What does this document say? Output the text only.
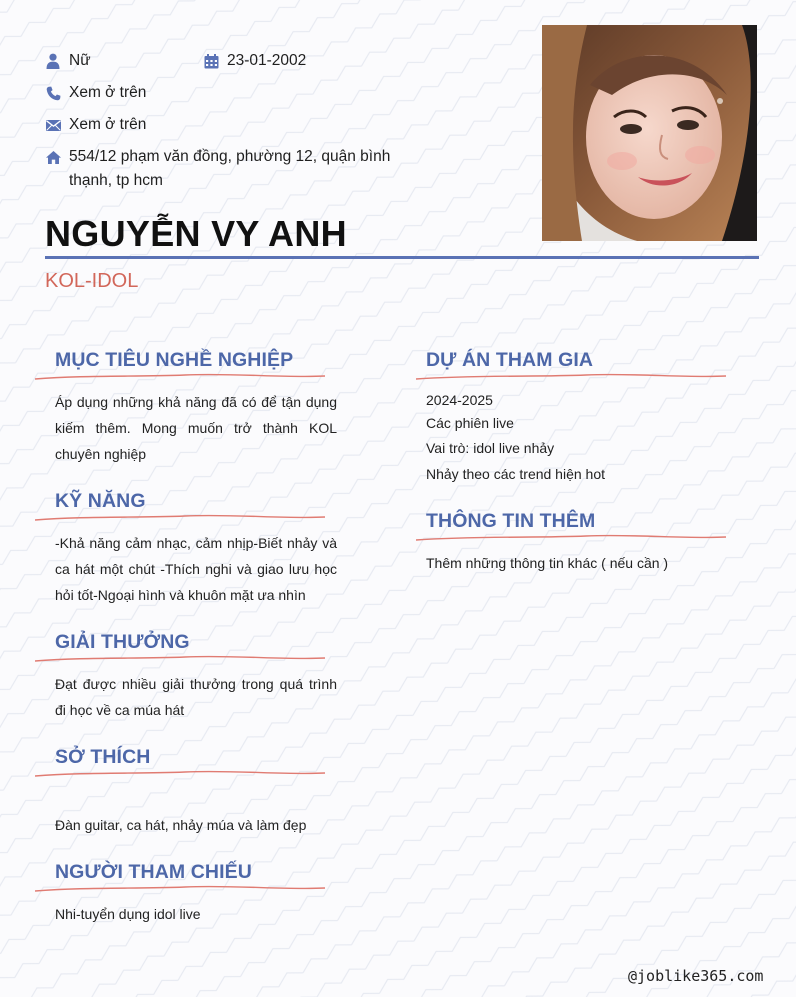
Nữ	23-01-2002
Xem ở trên
Xem ở trên
554/12 phạm văn đồng, phường 12, quận bình
thạnh, tp hcm
NGUYỄN VY ANH
KOL-IDOL
MỤC TIÊU NGHỀ NGHIỆP
Áp dụng những khả năng đã có để tận dụng kiếm thêm. Mong muốn trở thành KOL chuyên nghiệp
KỸ NĂNG
-Khả năng cảm nhạc, cảm nhịp-Biết nhảy và ca hát một chút -Thích nghi và giao lưu học hỏi tốt-Ngoại hình và khuôn mặt ưa nhìn
GIẢI THƯỞNG
Đạt được nhiều giải thưởng trong quá trình đi học về ca múa hát
SỞ THÍCH
Đàn guitar, ca hát, nhảy múa và làm đẹp
NGƯỜI THAM CHIẾU
Nhi-tuyển dụng idol live
DỰ ÁN THAM GIA
2024-2025
Các phiên live
Vai trò: idol live nhảy
Nhảy theo các trend hiện hot
THÔNG TIN THÊM
Thêm những thông tin khác ( nếu cần )
@joblike365.com
